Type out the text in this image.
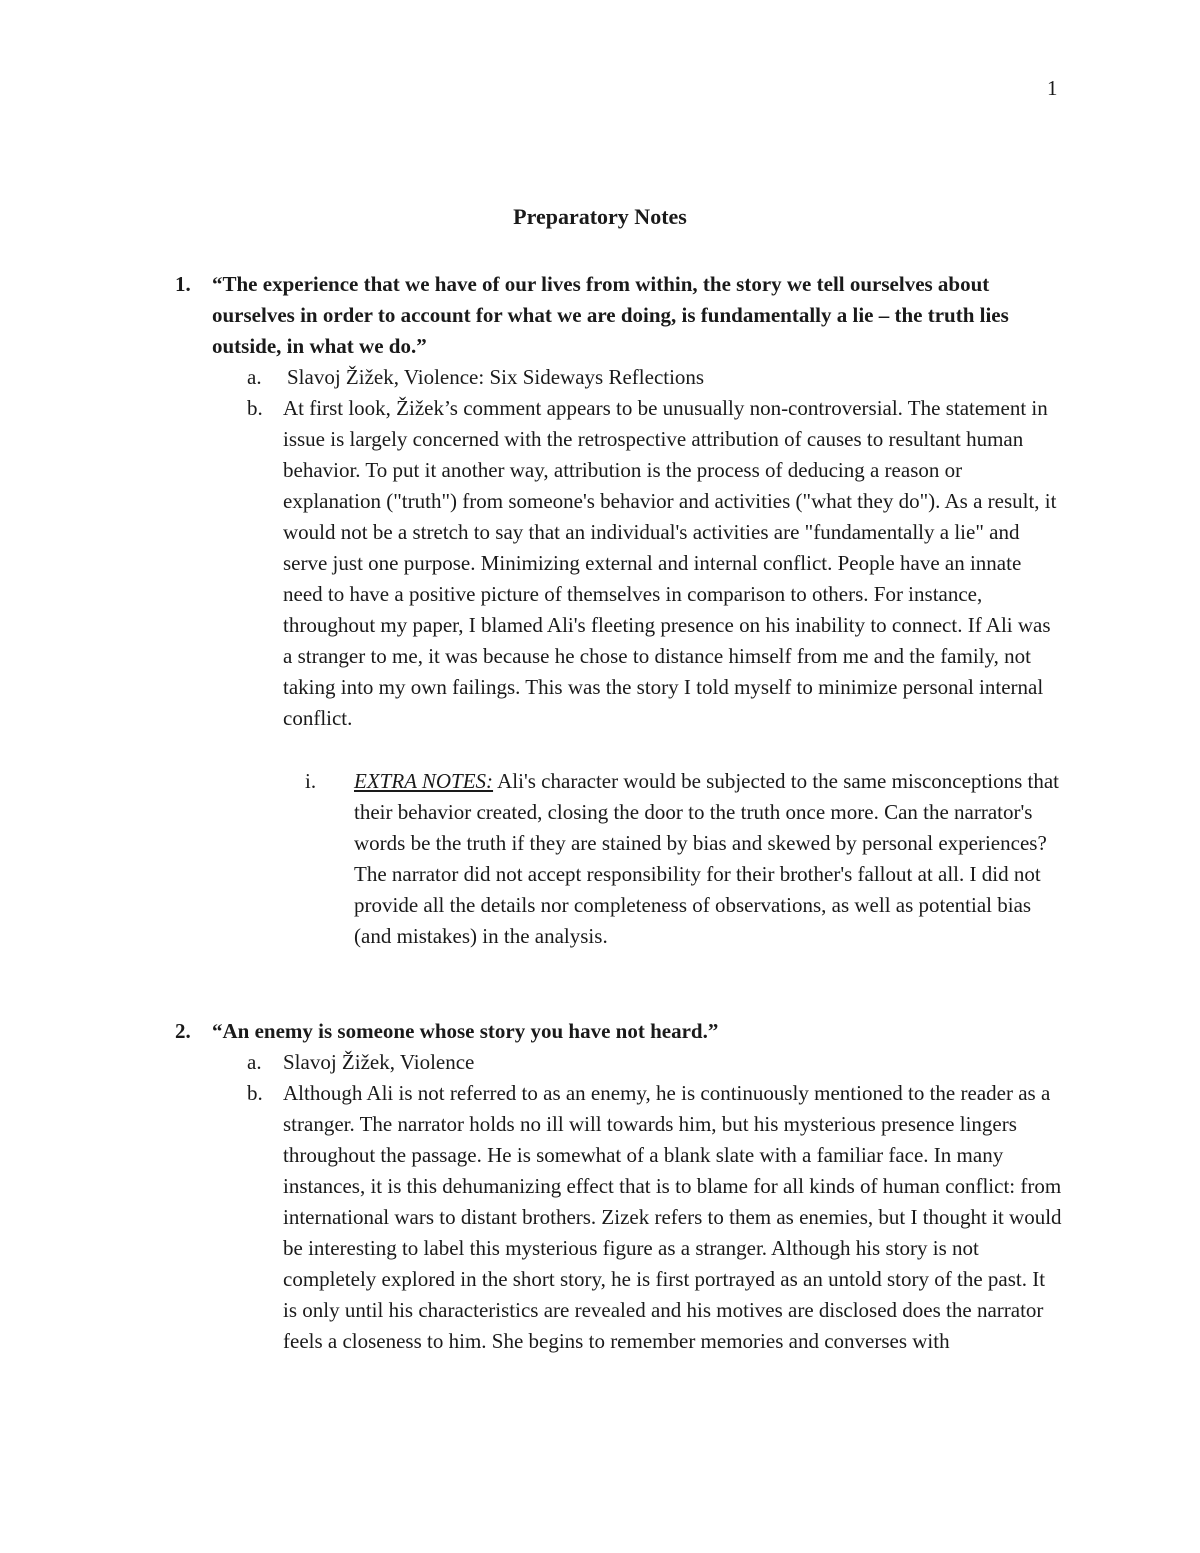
1
Preparatory Notes
1. “The experience that we have of our lives from within, the story we tell ourselves about ourselves in order to account for what we are doing, is fundamentally a lie – the truth lies outside, in what we do.”
a. Slavoj Žižek, Violence: Six Sideways Reflections
b. At first look, Žižek’s comment appears to be unusually non-controversial. The statement in issue is largely concerned with the retrospective attribution of causes to resultant human behavior. To put it another way, attribution is the process of deducing a reason or explanation ("truth") from someone's behavior and activities ("what they do"). As a result, it would not be a stretch to say that an individual's activities are "fundamentally a lie" and serve just one purpose. Minimizing external and internal conflict. People have an innate need to have a positive picture of themselves in comparison to others. For instance, throughout my paper, I blamed Ali's fleeting presence on his inability to connect. If Ali was a stranger to me, it was because he chose to distance himself from me and the family, not taking into my own failings. This was the story I told myself to minimize personal internal conflict.
i. EXTRA NOTES: Ali's character would be subjected to the same misconceptions that their behavior created, closing the door to the truth once more. Can the narrator's words be the truth if they are stained by bias and skewed by personal experiences? The narrator did not accept responsibility for their brother's fallout at all. I did not provide all the details nor completeness of observations, as well as potential bias (and mistakes) in the analysis.
2. “An enemy is someone whose story you have not heard.”
a. Slavoj Žižek, Violence
b. Although Ali is not referred to as an enemy, he is continuously mentioned to the reader as a stranger. The narrator holds no ill will towards him, but his mysterious presence lingers throughout the passage. He is somewhat of a blank slate with a familiar face. In many instances, it is this dehumanizing effect that is to blame for all kinds of human conflict: from international wars to distant brothers. Zizek refers to them as enemies, but I thought it would be interesting to label this mysterious figure as a stranger. Although his story is not completely explored in the short story, he is first portrayed as an untold story of the past. It is only until his characteristics are revealed and his motives are disclosed does the narrator feels a closeness to him. She begins to remember memories and converses with
